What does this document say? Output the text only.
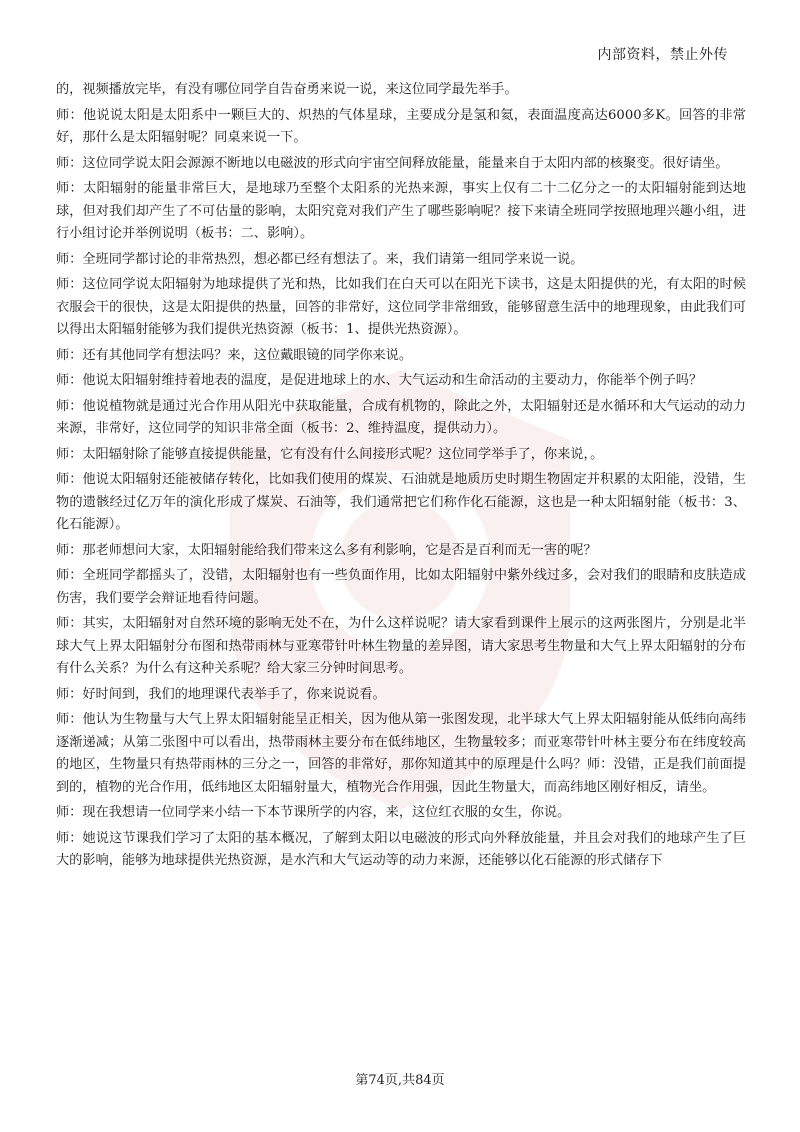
内部资料，禁止外传

的，视频播放完毕，有没有哪位同学自告奋勇来说一说，来这位同学最先举手。

师：他说说太阳是太阳系中一颗巨大的、炽热的气体星球，主要成分是氢和氦，表面温度高达6000多K。回答的非常好，那什么是太阳辐射呢？同桌来说一下。

师：这位同学说太阳会源源不断地以电磁波的形式向宇宙空间释放能量，能量来自于太阳内部的核聚变。很好请坐。

师：太阳辐射的能量非常巨大，是地球乃至整个太阳系的光热来源，事实上仅有二十二亿分之一的太阳辐射能到达地球，但对我们却产生了不可估量的影响，太阳究竟对我们产生了哪些影响呢？接下来请全班同学按照地理兴趣小组，进行小组讨论并举例说明（板书：二、影响）。

师：全班同学都讨论的非常热烈，想必都已经有想法了。来，我们请第一组同学来说一说。

师：这位同学说太阳辐射为地球提供了光和热，比如我们在白天可以在阳光下读书，这是太阳提供的光，有太阳的时候衣服会干的很快，这是太阳提供的热量，回答的非常好，这位同学非常细致，能够留意生活中的地理现象，由此我们可以得出太阳辐射能够为我们提供光热资源（板书：1、提供光热资源）。

师：还有其他同学有想法吗？来，这位戴眼镜的同学你来说。

师：他说太阳辐射维持着地表的温度，是促进地球上的水、大气运动和生命活动的主要动力，你能举个例子吗？

师：他说植物就是通过光合作用从阳光中获取能量，合成有机物的，除此之外，太阳辐射还是水循环和大气运动的动力来源，非常好，这位同学的知识非常全面（板书：2、维持温度，提供动力）。

师：太阳辐射除了能够直接提供能量，它有没有什么间接形式呢？这位同学举手了，你来说，。

师：他说太阳辐射还能被储存转化，比如我们使用的煤炭、石油就是地质历史时期生物固定并积累的太阳能，没错，生物的遗骸经过亿万年的演化形成了煤炭、石油等，我们通常把它们称作化石能源，这也是一种太阳辐射能（板书：3、化石能源）。

师：那老师想问大家，太阳辐射能给我们带来这么多有利影响，它是否是百利而无一害的呢？

师：全班同学都摇头了，没错，太阳辐射也有一些负面作用，比如太阳辐射中紫外线过多，会对我们的眼睛和皮肤造成伤害，我们要学会辩证地看待问题。

师：其实，太阳辐射对自然环境的影响无处不在，为什么这样说呢？请大家看到课件上展示的这两张图片，分别是北半球大气上界太阳辐射分布图和热带雨林与亚寒带针叶林生物量的差异图，请大家思考生物量和大气上界太阳辐射的分布有什么关系？为什么有这种关系呢？给大家三分钟时间思考。

师：好时间到，我们的地理课代表举手了，你来说说看。

师：他认为生物量与大气上界太阳辐射能呈正相关，因为他从第一张图发现，北半球大气上界太阳辐射能从低纬向高纬逐渐递减；从第二张图中可以看出，热带雨林主要分布在低纬地区，生物量较多；而亚寒带针叶林主要分布在纬度较高的地区，生物量只有热带雨林的三分之一，回答的非常好，那你知道其中的原理是什么吗？师：没错，正是我们前面提到的，植物的光合作用，低纬地区太阳辐射量大，植物光合作用强，因此生物量大，而高纬地区刚好相反，请坐。

师：现在我想请一位同学来小结一下本节课所学的内容，来，这位红衣服的女生，你说。

师：她说这节课我们学习了太阳的基本概况，了解到太阳以电磁波的形式向外释放能量，并且会对我们的地球产生了巨大的影响，能够为地球提供光热资源，是水汽和大气运动等的动力来源，还能够以化石能源的形式储存下

第74页,共84页
